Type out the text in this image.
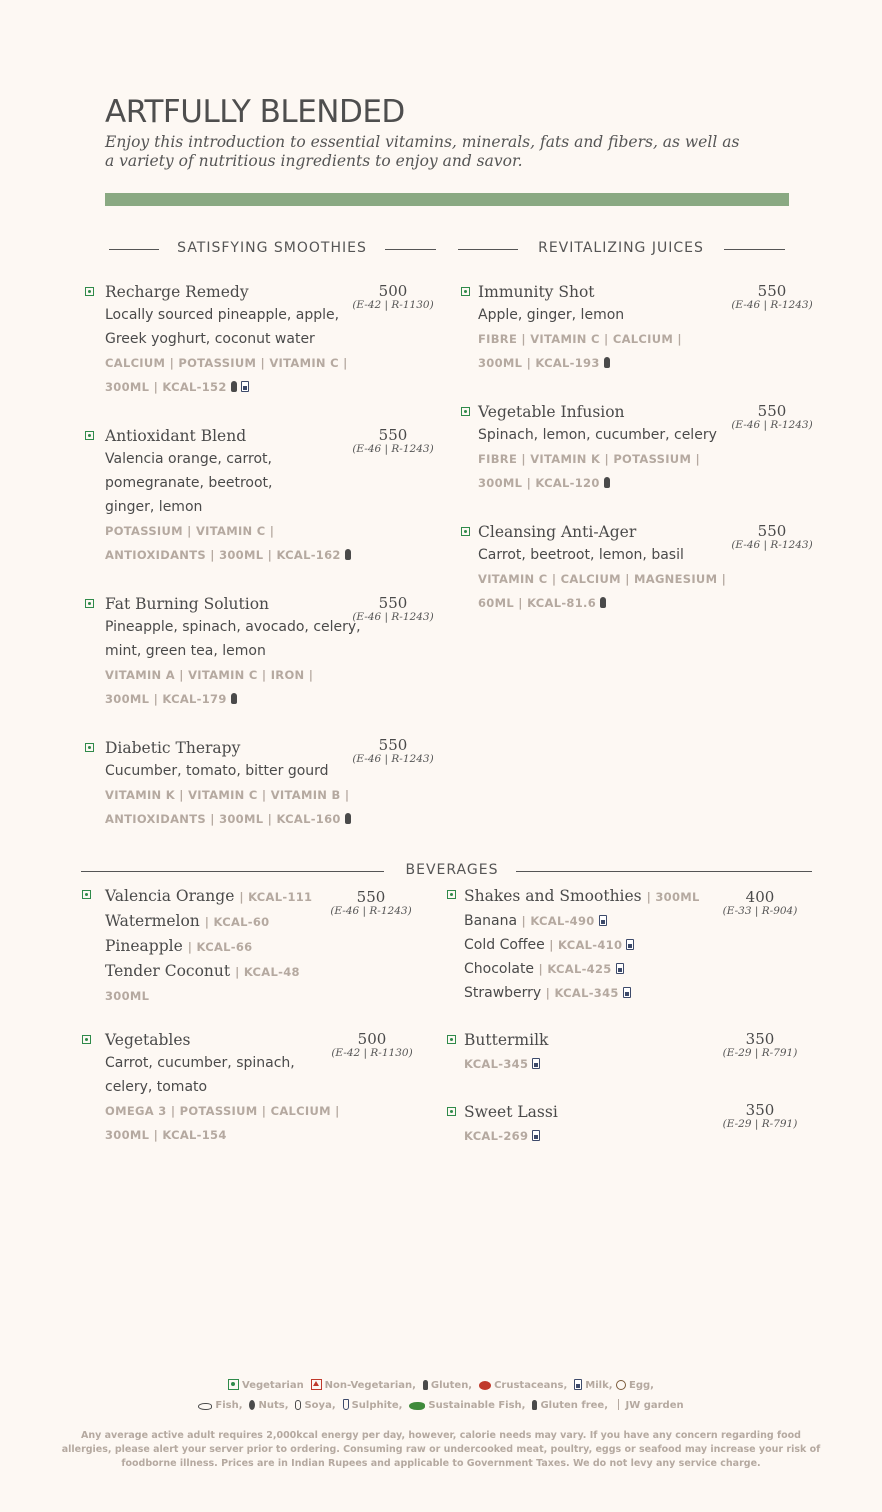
ARTFULLY BLENDED
Enjoy this introduction to essential vitamins, minerals, fats and fibers, as well as a variety of nutritious ingredients to enjoy and savor.
SATISFYING SMOOTHIES	REVITALIZING JUICES
Recharge Remedy	500
(E-42 | R-1130)
Locally sourced pineapple, apple,
Greek yoghurt, coconut water
CALCIUM | POTASSIUM | VITAMIN C |
300ML | KCAL-152
Antioxidant Blend	550
(E-46 | R-1243)
Valencia orange, carrot,
pomegranate, beetroot,
ginger, lemon
POTASSIUM | VITAMIN C |
ANTIOXIDANTS | 300ML | KCAL-162
Fat Burning Solution	550
(E-46 | R-1243)
Pineapple, spinach, avocado, celery,
mint, green tea, lemon
VITAMIN A | VITAMIN C | IRON |
300ML | KCAL-179
Diabetic Therapy	550
(E-46 | R-1243)
Cucumber, tomato, bitter gourd
VITAMIN K | VITAMIN C | VITAMIN B |
ANTIOXIDANTS | 300ML | KCAL-160
Immunity Shot	550
(E-46 | R-1243)
Apple, ginger, lemon
FIBRE | VITAMIN C | CALCIUM |
300ML | KCAL-193
Vegetable Infusion	550
(E-46 | R-1243)
Spinach, lemon, cucumber, celery
FIBRE | VITAMIN K | POTASSIUM |
300ML | KCAL-120
Cleansing Anti-Ager	550
(E-46 | R-1243)
Carrot, beetroot, lemon, basil
VITAMIN C | CALCIUM | MAGNESIUM |
60ML | KCAL-81.6
BEVERAGES
Valencia Orange | KCAL-111
Watermelon | KCAL-60
Pineapple | KCAL-66
Tender Coconut | KCAL-48
300ML
550
(E-46 | R-1243)
Vegetables	500
(E-42 | R-1130)
Carrot, cucumber, spinach,
celery, tomato
OMEGA 3 | POTASSIUM | CALCIUM |
300ML | KCAL-154
Shakes and Smoothies | 300ML
Banana | KCAL-490
Cold Coffee | KCAL-410
Chocolate | KCAL-425
Strawberry | KCAL-345
400
(E-33 | R-904)
Buttermilk	350
(E-29 | R-791)
KCAL-345
Sweet Lassi	350
(E-29 | R-791)
KCAL-269
Vegetarian Non-Vegetarian, Gluten, Crustaceans, Milk, Egg,
Fish, Nuts, Soya, Sulphite,	Sustainable Fish, Gluten free, JW garden
Any average active adult requires 2,000kcal energy per day, however, calorie needs may vary. If you have any concern regarding food allergies, please alert your server prior to ordering. Consuming raw or undercooked meat, poultry, eggs or seafood may increase your risk of foodborne illness. Prices are in Indian Rupees and applicable to Government Taxes. We do not levy any service charge.
